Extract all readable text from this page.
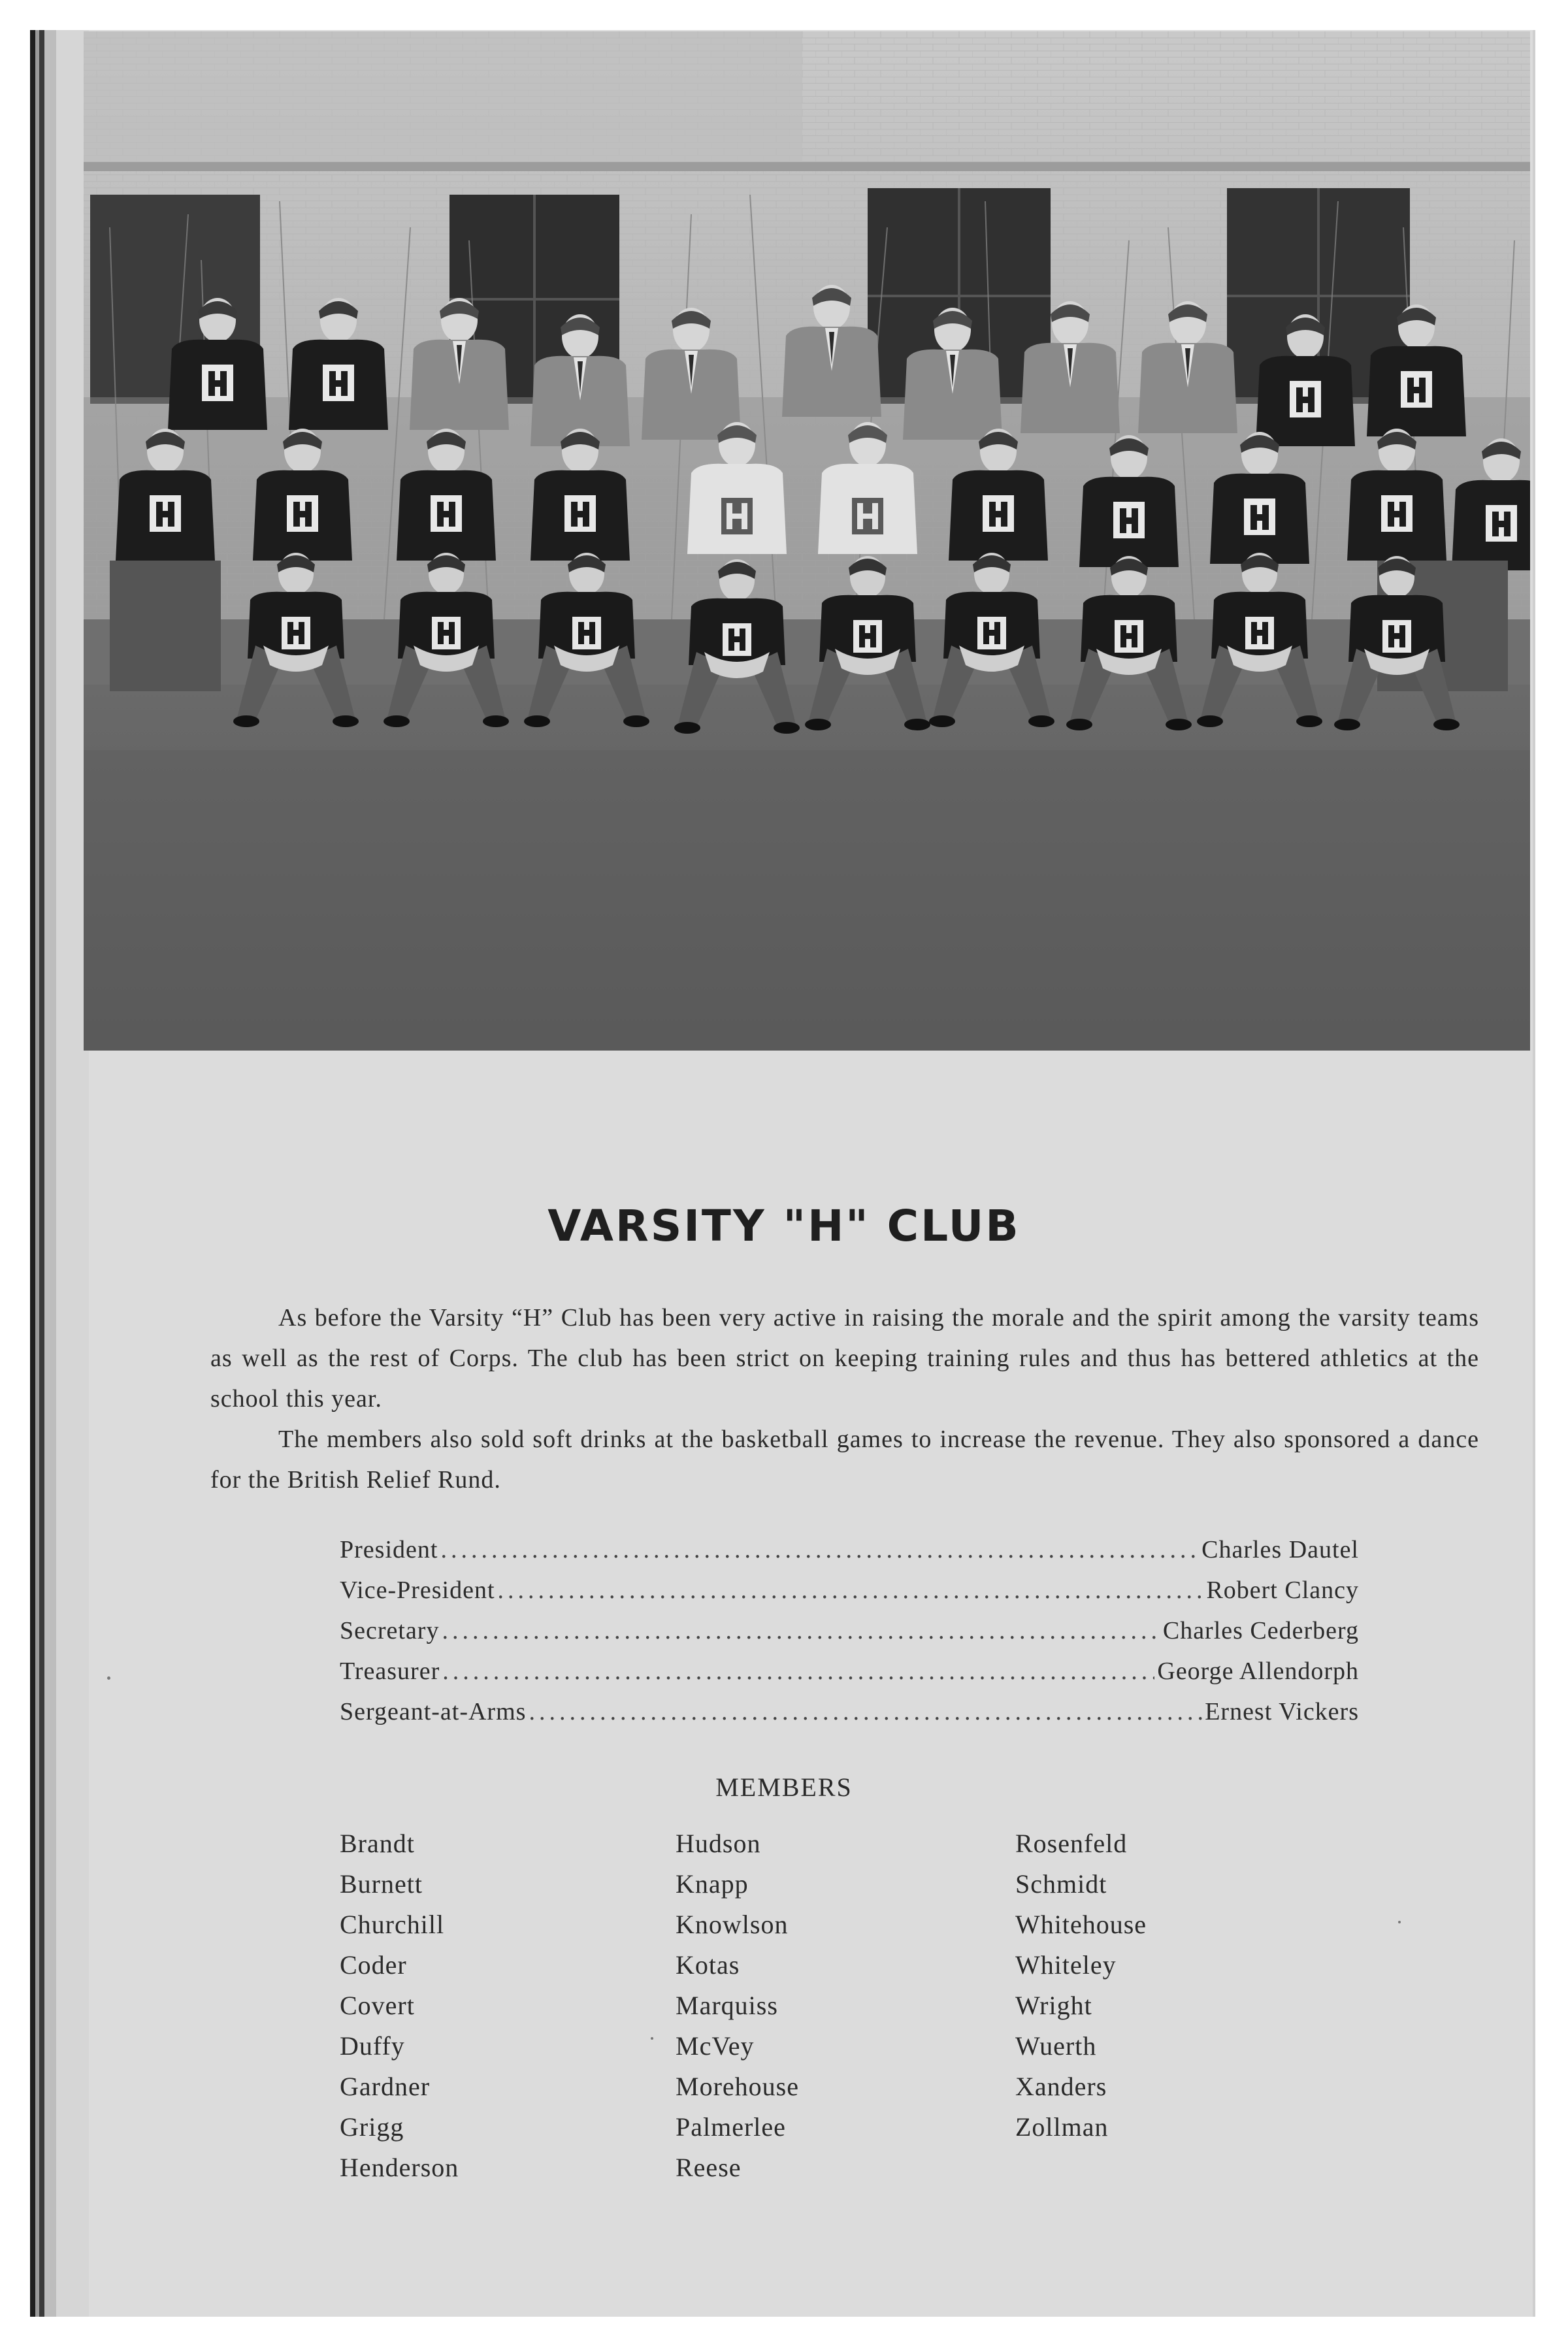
VARSITY "H" CLUB
As before the Varsity “H” Club has been very active in raising the morale and the spirit among the varsity teams as well as the rest of Corps. The club has been strict on keeping training rules and thus has bettered athletics at the school this year.
The members also sold soft drinks at the basketball games to increase the revenue. They also sponsored a dance for the British Relief Rund.
President .....	Charles Dautel
Vice-President .....	Robert Clancy
Secretary .....	Charles Cederberg
Treasurer .....	George Allendorph
Sergeant-at-Arms .....	Ernest Vickers
MEMBERS
Brandt
Burnett
Churchill
Coder
Covert
Duffy
Gardner
Grigg
Henderson
Hudson
Knapp
Knowlson
Kotas
Marquiss
McVey
Morehouse
Palmerlee
Reese
Rosenfeld
Schmidt
Whitehouse
Whiteley
Wright
Wuerth
Xanders
Zollman
